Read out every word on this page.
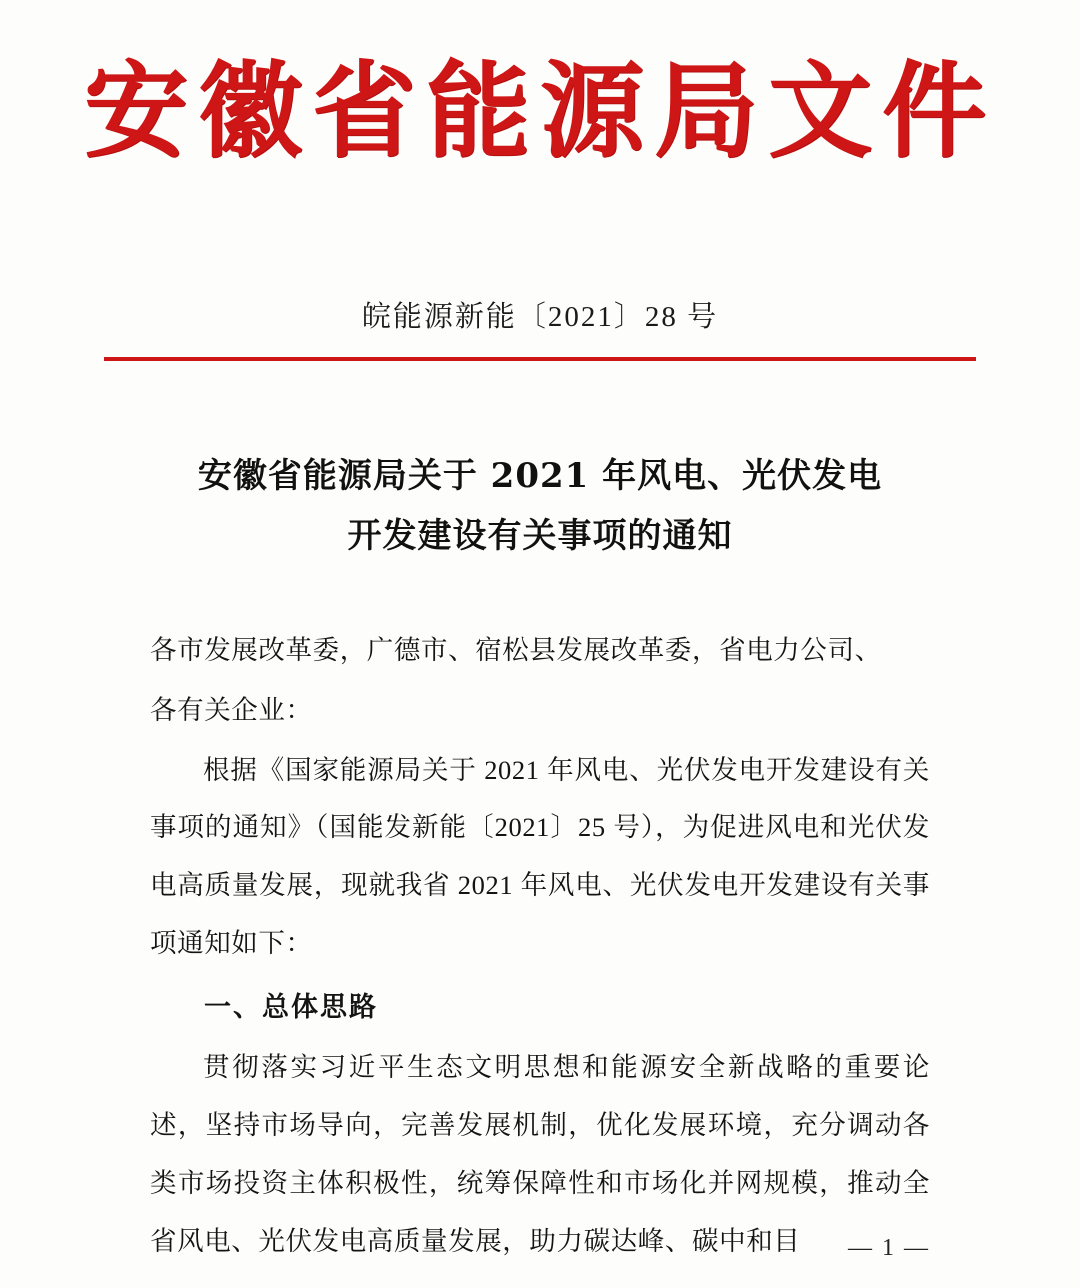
安徽省能源局文件
皖能源新能〔2021〕28 号
安徽省能源局关于 2021 年风电、光伏发电
开发建设有关事项的通知

各市发展改革委，广德市、宿松县发展改革委，省电力公司、

各有关企业：

根据《国家能源局关于 2021 年风电、光伏发电开发建设有关事项的通知》（国能发新能〔2021〕25 号），为促进风电和光伏发电高质量发展，现就我省 2021 年风电、光伏发电开发建设有关事项通知如下：

一、总体思路

贯彻落实习近平生态文明思想和能源安全新战略的重要论述，坚持市场导向，完善发展机制，优化发展环境，充分调动各类市场投资主体积极性，统筹保障性和市场化并网规模，推动全省风电、光伏发电高质量发展，助力碳达峰、碳中和目	— 1 —
